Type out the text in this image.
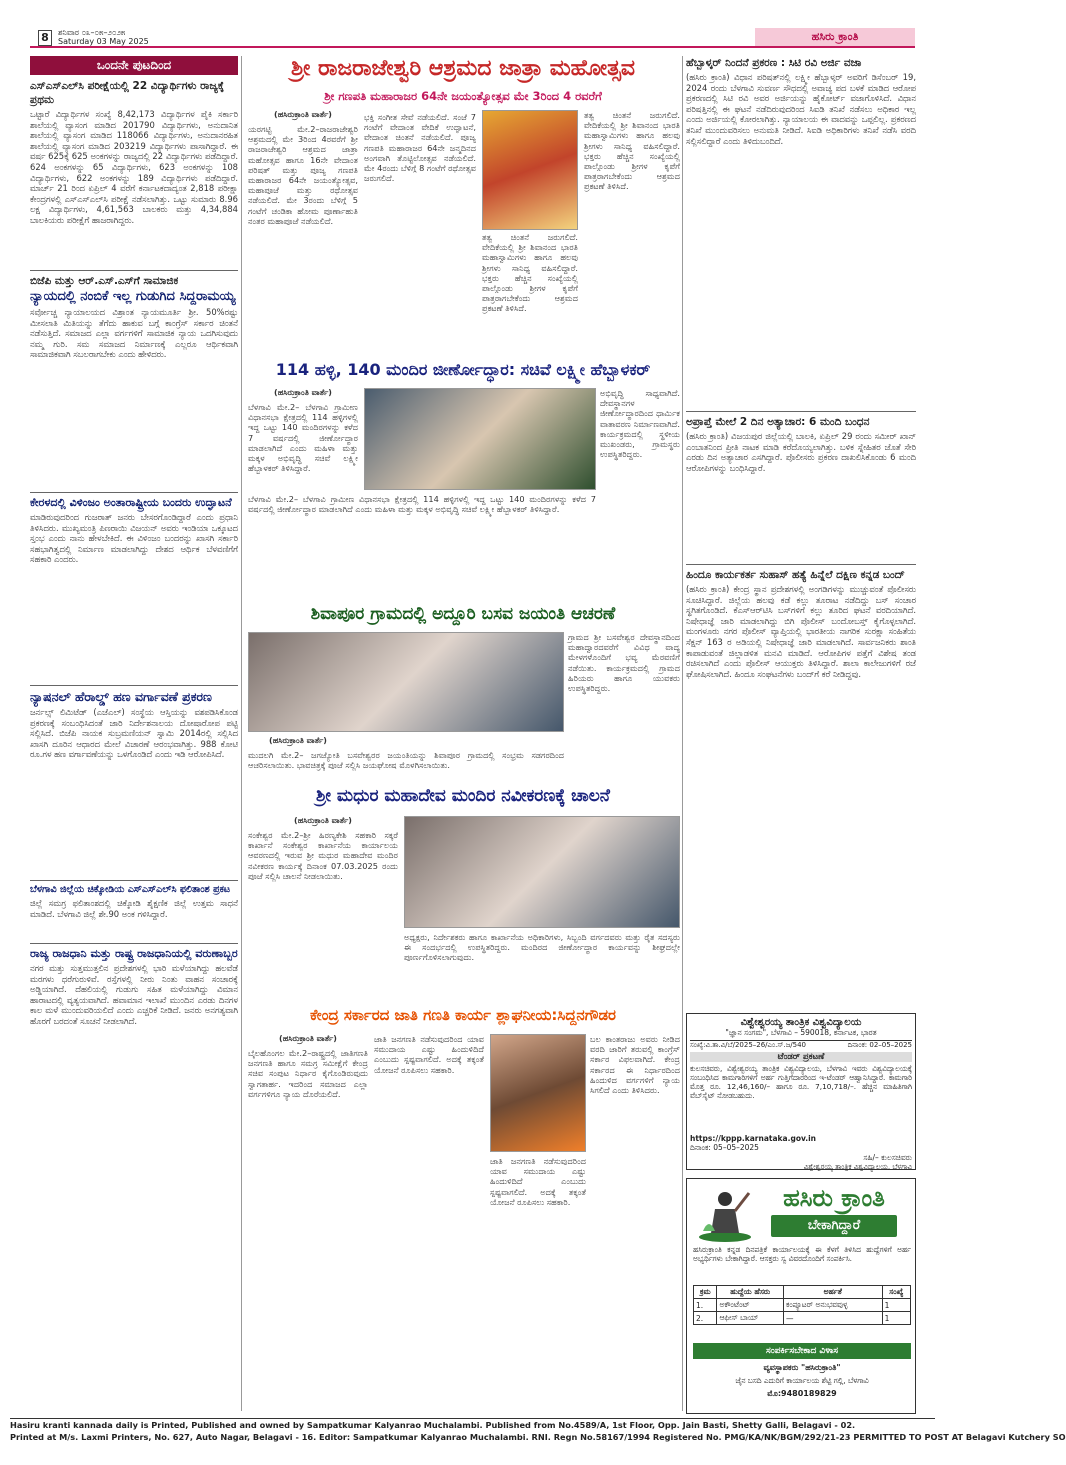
8	ಶನಿವಾರ ೦೩–೦೫–೨೦೨೫
Saturday 03 May 2025	ಹಸಿರು ಕ್ರಾಂತಿ
ಒಂದನೇ ಪುಟದಿಂದ
ಎಸ್‌ಎಸ್‌ಎಲ್‌ಸಿ ಪರೀಕ್ಷೆಯಲ್ಲಿ 22 ವಿದ್ಯಾರ್ಥಿಗಳು ರಾಜ್ಯಕ್ಕೆ ಪ್ರಥಮ
ಒಟ್ಟಾರೆ ವಿದ್ಯಾರ್ಥಿಗಳ ಸಂಖ್ಯೆ 8,42,173 ವಿದ್ಯಾರ್ಥಿಗಳ ಪೈಕಿ ಸರ್ಕಾರಿ ಶಾಲೆಯಲ್ಲಿ ವ್ಯಾಸಂಗ ಮಾಡಿದ 201790 ವಿದ್ಯಾರ್ಥಿಗಳು, ಅನುದಾನಿತ ಶಾಲೆಯಲ್ಲಿ ವ್ಯಾಸಂಗ ಮಾಡಿದ 118066 ವಿದ್ಯಾರ್ಥಿಗಳು, ಅನುದಾನರಹಿತ ಶಾಲೆಯಲ್ಲಿ ವ್ಯಾಸಂಗ ಮಾಡಿದ 203219 ವಿದ್ಯಾರ್ಥಿಗಳು ಪಾಸಾಗಿದ್ದಾರೆ. ಈ ವರ್ಷ 625ಕ್ಕೆ 625 ಅಂಕಗಳನ್ನು ರಾಜ್ಯದಲ್ಲಿ 22 ವಿದ್ಯಾರ್ಥಿಗಳು ಪಡೆದಿದ್ದಾರೆ. 624 ಅಂಕಗಳನ್ನು 65 ವಿದ್ಯಾರ್ಥಿಗಳು, 623 ಅಂಕಗಳನ್ನು 108 ವಿದ್ಯಾರ್ಥಿಗಳು, 622 ಅಂಕಗಳನ್ನು 189 ವಿದ್ಯಾರ್ಥಿಗಳು ಪಡೆದಿದ್ದಾರೆ. ಮಾರ್ಚ್ 21 ರಿಂದ ಏಪ್ರಿಲ್ 4 ವರೆಗೆ ಕರ್ನಾಟಕದಾದ್ಯಂತ 2,818 ಪರೀಕ್ಷಾ ಕೇಂದ್ರಗಳಲ್ಲಿ ಎಸ್‌ಎಸ್‌ಎಲ್‌ಸಿ ಪರೀಕ್ಷೆ ನಡೆಸಲಾಗಿತ್ತು. ಒಟ್ಟು ಸುಮಾರು 8.96 ಲಕ್ಷ ವಿದ್ಯಾರ್ಥಿಗಳು, 4,61,563 ಬಾಲಕರು ಮತ್ತು 4,34,884 ಬಾಲಕಿಯರು ಪರೀಕ್ಷೆಗೆ ಹಾಜರಾಗಿದ್ದರು.
ಬಿಜೆಪಿ ಮತ್ತು ಆರ್.ಎಸ್.ಎಸ್‌ಗೆ ಸಾಮಾಜಿಕ
ನ್ಯಾಯದಲ್ಲಿ ನಂಬಿಕೆ ಇಲ್ಲ ಗುಡುಗಿದ ಸಿದ್ದರಾಮಯ್ಯ
ಸರ್ವೋಚ್ಚ ನ್ಯಾಯಾಲಯದ ವಿಶ್ರಾಂತ ನ್ಯಾಯಮೂರ್ತಿ ಶ್ರೀ. 50%ರಷ್ಟು ಮೀಸಲಾತಿ ಮಿತಿಯನ್ನು ತೆಗೆದು ಹಾಕುವ ಬಗ್ಗೆ ಕಾಂಗ್ರೆಸ್ ಸರ್ಕಾರ ಚಿಂತನೆ ನಡೆಸುತ್ತಿದೆ. ಸಮಾಜದ ಎಲ್ಲಾ ವರ್ಗಗಳಿಗೆ ಸಾಮಾಜಿಕ ನ್ಯಾಯ ಒದಗಿಸುವುದು ನಮ್ಮ ಗುರಿ. ಸಮ ಸಮಾಜದ ನಿರ್ಮಾಣಕ್ಕೆ ಎಲ್ಲರೂ ಆರ್ಥಿಕವಾಗಿ ಸಾಮಾಜಿಕವಾಗಿ ಸಬಲರಾಗಬೇಕು ಎಂದು ಹೇಳಿದರು.
ಕೇರಳದಲ್ಲಿ ವಿಳಿಂಜಂ ಅಂತಾರಾಷ್ಟ್ರೀಯ ಬಂದರು ಉದ್ಘಾಟನೆ
ಮಾಡಿರುವುದರಿಂದ ಗುಜರಾತ್ ಜನರು ಬೇಸರಗೊಂಡಿದ್ದಾರೆ ಎಂದು ಪ್ರಧಾನಿ ತಿಳಿಸಿದರು. ಮುಖ್ಯಮಂತ್ರಿ ಪಿಣರಾಯಿ ವಿಜಯನ್ ಅವರು ಇಂಡಿಯಾ ಒಕ್ಕೂಟದ ಸ್ತಂಭ ಎಂದು ನಾನು ಹೇಳಬೇಕಿದೆ. ಈ ವಿಳಿಂಜಂ ಬಂದರನ್ನು ಖಾಸಗಿ ಸರ್ಕಾರಿ ಸಹಭಾಗಿತ್ವದಲ್ಲಿ ನಿರ್ಮಾಣ ಮಾಡಲಾಗಿದ್ದು ದೇಶದ ಆರ್ಥಿಕ ಬೆಳವಣಿಗೆಗೆ ಸಹಕಾರಿ ಎಂದರು.
ನ್ಯಾಷನಲ್ ಹೆರಾಲ್ಡ್ ಹಣ ವರ್ಗಾವಣೆ ಪ್ರಕರಣ
ಜರ್ನಲ್ಸ್ ಲಿಮಿಟೆಡ್ (ಎಜೆಎಲ್) ಸಂಸ್ಥೆಯ ಆಸ್ತಿಯನ್ನು ವಶಪಡಿಸಿಕೊಂಡ ಪ್ರಕರಣಕ್ಕೆ ಸಂಬಂಧಿಸಿದಂತೆ ಜಾರಿ ನಿರ್ದೇಶನಾಲಯ ದೋಷಾರೋಪ ಪಟ್ಟಿ ಸಲ್ಲಿಸಿದೆ. ಬಿಜೆಪಿ ನಾಯಕ ಸುಬ್ರಮಣಿಯನ್ ಸ್ವಾಮಿ 2014ರಲ್ಲಿ ಸಲ್ಲಿಸಿದ ಖಾಸಗಿ ದೂರಿನ ಆಧಾರದ ಮೇಲೆ ವಿಚಾರಣೆ ಆರಂಭವಾಗಿತ್ತು. 988 ಕೋಟಿ ರೂ.ಗಳ ಹಣ ವರ್ಗಾವಣೆಯನ್ನು ಒಳಗೊಂಡಿದೆ ಎಂದು ಇಡಿ ಆರೋಪಿಸಿದೆ.
ಬೆಳಗಾವಿ ಜಿಲ್ಲೆಯ ಚಿಕ್ಕೋಡಿಯ ಎಸ್‌ಎಸ್‌ಎಲ್‌ಸಿ ಫಲಿತಾಂಶ ಪ್ರಕಟ
ಜಿಲ್ಲೆ ಸಮಗ್ರ ಫಲಿತಾಂಶದಲ್ಲಿ ಚಿಕ್ಕೋಡಿ ಶೈಕ್ಷಣಿಕ ಜಿಲ್ಲೆ ಉತ್ತಮ ಸಾಧನೆ ಮಾಡಿದೆ. ಬೆಳಗಾವಿ ಜಿಲ್ಲೆ ಶೇ.90 ಅಂಕ ಗಳಿಸಿದ್ದಾರೆ.
ರಾಜ್ಯ ರಾಜಧಾನಿ ಮತ್ತು ರಾಷ್ಟ್ರ ರಾಜಧಾನಿಯಲ್ಲಿ ವರುಣಾಬ್ಬರ
ನಗರ ಮತ್ತು ಸುತ್ತಮುತ್ತಲಿನ ಪ್ರದೇಶಗಳಲ್ಲಿ ಭಾರಿ ಮಳೆಯಾಗಿದ್ದು ಹಲವೆಡೆ ಮರಗಳು ಧರೆಗುರುಳಿವೆ. ರಸ್ತೆಗಳಲ್ಲಿ ನೀರು ನಿಂತು ವಾಹನ ಸಂಚಾರಕ್ಕೆ ಅಡ್ಡಿಯಾಗಿದೆ. ದೆಹಲಿಯಲ್ಲಿ ಗುಡುಗು ಸಹಿತ ಮಳೆಯಾಗಿದ್ದು ವಿಮಾನ ಹಾರಾಟದಲ್ಲಿ ವ್ಯತ್ಯಯವಾಗಿದೆ. ಹವಾಮಾನ ಇಲಾಖೆ ಮುಂದಿನ ಎರಡು ದಿನಗಳ ಕಾಲ ಮಳೆ ಮುಂದುವರಿಯಲಿದೆ ಎಂದು ಎಚ್ಚರಿಕೆ ನೀಡಿದೆ. ಜನರು ಅನಗತ್ಯವಾಗಿ ಹೊರಗೆ ಬರದಂತೆ ಸೂಚನೆ ನೀಡಲಾಗಿದೆ.
ಶ್ರೀ ರಾಜರಾಜೇಶ್ವರಿ ಆಶ್ರಮದ ಜಾತ್ರಾ ಮಹೋತ್ಸವ
ಶ್ರೀ ಗಣಪತಿ ಮಹಾರಾಜರ 64ನೇ ಜಯಂತ್ಯೋತ್ಸವ ಮೇ 3ರಿಂದ 4 ರವರೆಗೆ
(ಹಸಿರುಕ್ರಾಂತಿ ವಾರ್ತೆ)
ಯರಗಟ್ಟಿ ಮೇ.2–ರಾಜರಾಜೇಶ್ವರಿ ಆಶ್ರಮದಲ್ಲಿ ಮೇ 3ರಿಂದ 4ರವರೆಗೆ ಶ್ರೀ ರಾಜರಾಜೇಶ್ವರಿ ಆಶ್ರಮದ ಜಾತ್ರಾ ಮಹೋತ್ಸವ ಹಾಗೂ 16ನೇ ವೇದಾಂತ ಪರಿಷತ್ ಮತ್ತು ಪೂಜ್ಯ ಗಣಪತಿ ಮಹಾರಾಜರ 64ನೇ ಜಯಂತ್ಯೋತ್ಸವ, ಮಹಾಪೂಜೆ ಮತ್ತು ರಥೋತ್ಸವ ನಡೆಯಲಿದೆ. ಮೇ 3ರಂದು ಬೆಳಿಗ್ಗೆ 5 ಗಂಟೆಗೆ ಚಂಡಿಕಾ ಹೋಮ ಪೂರ್ಣಾಹುತಿ ನಂತರ ಮಹಾಪೂಜೆ ನಡೆಯಲಿದೆ.
ಭಕ್ತಿ ಸಂಗೀತ ಸೇವೆ ನಡೆಯಲಿದೆ. ಸಂಜೆ 7 ಗಂಟೆಗೆ ವೇದಾಂತ ವೇದಿಕೆ ಉದ್ಘಾಟನೆ, ವೇದಾಂತ ಚಿಂತನೆ ನಡೆಯಲಿದೆ. ಪೂಜ್ಯ ಗಣಪತಿ ಮಹಾರಾಜರ 64ನೇ ಜನ್ಮದಿನದ ಅಂಗವಾಗಿ ತೊಟ್ಟಿಲೋತ್ಸವ ನಡೆಯಲಿದೆ. ಮೇ 4ರಂದು ಬೆಳಿಗ್ಗೆ 8 ಗಂಟೆಗೆ ರಥೋತ್ಸವ ಜರುಗಲಿದೆ.
ತತ್ವ ಚಿಂತನೆ ಜರುಗಲಿದೆ. ವೇದಿಕೆಯಲ್ಲಿ ಶ್ರೀ ಶಿವಾನಂದ ಭಾರತಿ ಮಹಾಸ್ವಾಮಿಗಳು ಹಾಗೂ ಹಲವು ಶ್ರೀಗಳು ಸಾನಿಧ್ಯ ವಹಿಸಲಿದ್ದಾರೆ. ಭಕ್ತರು ಹೆಚ್ಚಿನ ಸಂಖ್ಯೆಯಲ್ಲಿ ಪಾಲ್ಗೊಂಡು ಶ್ರೀಗಳ ಕೃಪೆಗೆ ಪಾತ್ರರಾಗಬೇಕೆಂದು ಆಶ್ರಮದ ಪ್ರಕಟಣೆ ತಿಳಿಸಿದೆ.
ತತ್ವ ಚಿಂತನೆ ಜರುಗಲಿದೆ. ವೇದಿಕೆಯಲ್ಲಿ ಶ್ರೀ ಶಿವಾನಂದ ಭಾರತಿ ಮಹಾಸ್ವಾಮಿಗಳು ಹಾಗೂ ಹಲವು ಶ್ರೀಗಳು ಸಾನಿಧ್ಯ ವಹಿಸಲಿದ್ದಾರೆ. ಭಕ್ತರು ಹೆಚ್ಚಿನ ಸಂಖ್ಯೆಯಲ್ಲಿ ಪಾಲ್ಗೊಂಡು ಶ್ರೀಗಳ ಕೃಪೆಗೆ ಪಾತ್ರರಾಗಬೇಕೆಂದು ಆಶ್ರಮದ ಪ್ರಕಟಣೆ ತಿಳಿಸಿದೆ.
114 ಹಳ್ಳಿ, 140 ಮಂದಿರ ಜೀರ್ಣೋದ್ಧಾರ: ಸಚಿವೆ ಲಕ್ಷ್ಮೀ ಹೆಬ್ಬಾಳಕರ್
(ಹಸಿರುಕ್ರಾಂತಿ ವಾರ್ತೆ)
ಬೆಳಗಾವಿ ಮೇ.2– ಬೆಳಗಾವಿ ಗ್ರಾಮೀಣ ವಿಧಾನಸಭಾ ಕ್ಷೇತ್ರದಲ್ಲಿ 114 ಹಳ್ಳಿಗಳಲ್ಲಿ ಇದ್ದ ಒಟ್ಟು 140 ಮಂದಿರಗಳನ್ನು ಕಳೆದ 7 ವರ್ಷದಲ್ಲಿ ಜೀರ್ಣೋದ್ಧಾರ ಮಾಡಲಾಗಿದೆ ಎಂದು ಮಹಿಳಾ ಮತ್ತು ಮಕ್ಕಳ ಅಭಿವೃದ್ಧಿ ಸಚಿವೆ ಲಕ್ಷ್ಮೀ ಹೆಬ್ಬಾಳಕರ್ ತಿಳಿಸಿದ್ದಾರೆ.
ಅಭಿವೃದ್ಧಿ ಸಾಧ್ಯವಾಗಿದೆ. ದೇವಸ್ಥಾನಗಳ ಜೀರ್ಣೋದ್ಧಾರದಿಂದ ಧಾರ್ಮಿಕ ವಾತಾವರಣ ನಿರ್ಮಾಣವಾಗಿದೆ. ಕಾರ್ಯಕ್ರಮದಲ್ಲಿ ಸ್ಥಳೀಯ ಮುಖಂಡರು, ಗ್ರಾಮಸ್ಥರು ಉಪಸ್ಥಿತರಿದ್ದರು.
ಬೆಳಗಾವಿ ಮೇ.2– ಬೆಳಗಾವಿ ಗ್ರಾಮೀಣ ವಿಧಾನಸಭಾ ಕ್ಷೇತ್ರದಲ್ಲಿ 114 ಹಳ್ಳಿಗಳಲ್ಲಿ ಇದ್ದ ಒಟ್ಟು 140 ಮಂದಿರಗಳನ್ನು ಕಳೆದ 7 ವರ್ಷದಲ್ಲಿ ಜೀರ್ಣೋದ್ಧಾರ ಮಾಡಲಾಗಿದೆ ಎಂದು ಮಹಿಳಾ ಮತ್ತು ಮಕ್ಕಳ ಅಭಿವೃದ್ಧಿ ಸಚಿವೆ ಲಕ್ಷ್ಮೀ ಹೆಬ್ಬಾಳಕರ್ ತಿಳಿಸಿದ್ದಾರೆ.
ಶಿವಾಪೂರ ಗ್ರಾಮದಲ್ಲಿ ಅದ್ದೂರಿ ಬಸವ ಜಯಂತಿ ಆಚರಣೆ
ಗ್ರಾಮದ ಶ್ರೀ ಬಸವೇಶ್ವರ ದೇವಸ್ಥಾನದಿಂದ ಮಹಾದ್ವಾರದವರೆಗೆ ವಿವಿಧ ವಾದ್ಯ ಮೇಳಗಳೊಂದಿಗೆ ಭವ್ಯ ಮೆರವಣಿಗೆ ನಡೆಯಿತು. ಕಾರ್ಯಕ್ರಮದಲ್ಲಿ ಗ್ರಾಮದ ಹಿರಿಯರು ಹಾಗೂ ಯುವಕರು ಉಪಸ್ಥಿತರಿದ್ದರು.
(ಹಸಿರುಕ್ರಾಂತಿ ವಾರ್ತೆ)
ಮುದಲಗಿ ಮೇ.2– ಜಗಜ್ಯೋತಿ ಬಸವೇಶ್ವರರ ಜಯಂತಿಯನ್ನು ಶಿವಾಪೂರ ಗ್ರಾಮದಲ್ಲಿ ಸಂಭ್ರಮ ಸಡಗರದಿಂದ ಆಚರಿಸಲಾಯಿತು. ಭಾವಚಿತ್ರಕ್ಕೆ ಪೂಜೆ ಸಲ್ಲಿಸಿ ಜಯಘೋಷ ಮೊಳಗಿಸಲಾಯಿತು.
ಶ್ರೀ ಮಧುರ ಮಹಾದೇವ ಮಂದಿರ ನವೀಕರಣಕ್ಕೆ ಚಾಲನೆ
(ಹಸಿರುಕ್ರಾಂತಿ ವಾರ್ತೆ)
ಸಂಕೇಶ್ವರ ಮೇ.2–ಶ್ರೀ ಹಿರಣ್ಯಕೇಶಿ ಸಹಕಾರಿ ಸಕ್ಕರೆ ಕಾರ್ಖಾನೆ ಸಂಕೇಶ್ವರ ಕಾರ್ಖಾನೆಯ ಕಾರ್ಯಾಲಯ ಆವರಣದಲ್ಲಿ ಇರುವ ಶ್ರೀ ಮಧುರ ಮಹಾದೇವ ಮಂದಿರ ನವೀಕರಣ ಕಾರ್ಯಕ್ಕೆ ದಿನಾಂಕ 07.03.2025 ರಂದು ಪೂಜೆ ಸಲ್ಲಿಸಿ ಚಾಲನೆ ನೀಡಲಾಯಿತು.
ಅಧ್ಯಕ್ಷರು, ನಿರ್ದೇಶಕರು ಹಾಗೂ ಕಾರ್ಖಾನೆಯ ಅಧಿಕಾರಿಗಳು, ಸಿಬ್ಬಂದಿ ವರ್ಗದವರು ಮತ್ತು ರೈತ ಸದಸ್ಯರು ಈ ಸಂದರ್ಭದಲ್ಲಿ ಉಪಸ್ಥಿತರಿದ್ದರು. ಮಂದಿರದ ಜೀರ್ಣೋದ್ಧಾರ ಕಾರ್ಯವನ್ನು ಶೀಘ್ರದಲ್ಲೇ ಪೂರ್ಣಗೊಳಿಸಲಾಗುವುದು.
ಕೇಂದ್ರ ಸರ್ಕಾರದ ಜಾತಿ ಗಣತಿ ಕಾರ್ಯ ಶ್ಲಾಘನೀಯ:ಸಿದ್ದನಗೌಡರ
(ಹಸಿರುಕ್ರಾಂತಿ ವಾರ್ತೆ)
ಬೈಲಹೊಂಗಲ ಮೇ.2–ರಾಷ್ಟ್ರದಲ್ಲಿ ಜಾತಿಗಣತಿ ಜನಗಣತಿ ಹಾಗೂ ಸಮಗ್ರ ಸಮೀಕ್ಷೆಗೆ ಕೇಂದ್ರ ಸಚಿವ ಸಂಪುಟ ನಿರ್ಧಾರ ಕೈಗೊಂಡಿರುವುದು ಸ್ವಾಗತಾರ್ಹ. ಇದರಿಂದ ಸಮಾಜದ ಎಲ್ಲಾ ವರ್ಗಗಳಿಗೂ ನ್ಯಾಯ ದೊರೆಯಲಿದೆ.
ಜಾತಿ ಜನಗಣತಿ ನಡೆಸುವುದರಿಂದ ಯಾವ ಸಮುದಾಯ ಎಷ್ಟು ಹಿಂದುಳಿದಿದೆ ಎಂಬುದು ಸ್ಪಷ್ಟವಾಗಲಿದೆ. ಅದಕ್ಕೆ ತಕ್ಕಂತೆ ಯೋಜನೆ ರೂಪಿಸಲು ಸಹಕಾರಿ.
ಜಾತಿ ಜನಗಣತಿ ನಡೆಸುವುದರಿಂದ ಯಾವ ಸಮುದಾಯ ಎಷ್ಟು ಹಿಂದುಳಿದಿದೆ ಎಂಬುದು ಸ್ಪಷ್ಟವಾಗಲಿದೆ. ಅದಕ್ಕೆ ತಕ್ಕಂತೆ ಯೋಜನೆ ರೂಪಿಸಲು ಸಹಕಾರಿ.
ಬಲ ಕಾಂತರಾಜು ಅವರು ನೀಡಿದ ವರದಿ ಜಾರಿಗೆ ತರುವಲ್ಲಿ ಕಾಂಗ್ರೆಸ್ ಸರ್ಕಾರ ವಿಫಲವಾಗಿದೆ. ಕೇಂದ್ರ ಸರ್ಕಾರದ ಈ ನಿರ್ಧಾರದಿಂದ ಹಿಂದುಳಿದ ವರ್ಗಗಳಿಗೆ ನ್ಯಾಯ ಸಿಗಲಿದೆ ಎಂದು ತಿಳಿಸಿದರು.
ಹೆಬ್ಬಾಳ್ಕರ್ ನಿಂದನೆ ಪ್ರಕರಣ : ಸಿಟಿ ರವಿ ಅರ್ಜಿ ವಜಾ
(ಹಸಿರು ಕ್ರಾಂತಿ) ವಿಧಾನ ಪರಿಷತ್‌ನಲ್ಲಿ ಲಕ್ಷ್ಮೀ ಹೆಬ್ಬಾಳ್ಕರ್ ಅವರಿಗೆ ಡಿಸೆಂಬರ್ 19, 2024 ರಂದು ಬೆಳಗಾವಿ ಸುವರ್ಣ ಸೌಧದಲ್ಲಿ ಅವಾಚ್ಯ ಪದ ಬಳಕೆ ಮಾಡಿದ ಆರೋಪ ಪ್ರಕರಣದಲ್ಲಿ ಸಿಟಿ ರವಿ ಅವರ ಅರ್ಜಿಯನ್ನು ಹೈಕೋರ್ಟ್ ವಜಾಗೊಳಿಸಿದೆ. ವಿಧಾನ ಪರಿಷತ್ತಿನಲ್ಲಿ ಈ ಘಟನೆ ನಡೆದಿರುವುದರಿಂದ ಸಿಐಡಿ ತನಿಖೆ ನಡೆಸಲು ಅಧಿಕಾರ ಇಲ್ಲ ಎಂದು ಅರ್ಜಿಯಲ್ಲಿ ಕೋರಲಾಗಿತ್ತು. ನ್ಯಾಯಾಲಯ ಈ ವಾದವನ್ನು ಒಪ್ಪಲಿಲ್ಲ. ಪ್ರಕರಣದ ತನಿಖೆ ಮುಂದುವರಿಸಲು ಅನುಮತಿ ನೀಡಿದೆ. ಸಿಐಡಿ ಅಧಿಕಾರಿಗಳು ತನಿಖೆ ನಡೆಸಿ ವರದಿ ಸಲ್ಲಿಸಲಿದ್ದಾರೆ ಎಂದು ತಿಳಿದುಬಂದಿದೆ.
ಅಪ್ರಾಪ್ತೆ ಮೇಲೆ 2 ದಿನ ಅತ್ಯಾಚಾರ: 6 ಮಂದಿ ಬಂಧನ
(ಹಸಿರು ಕ್ರಾಂತಿ) ವಿಜಯಪುರ ಜಿಲ್ಲೆಯಲ್ಲಿ ಬಾಲಕಿ, ಏಪ್ರಿಲ್ 29 ರಂದು ಸಮೀರ್ ಖಾನ್ ಎಂಬಾತನಿಂದ ಪ್ರೀತಿ ನಾಟಕ ಮಾಡಿ ಕರೆದೊಯ್ಯಲಾಗಿತ್ತು. ಬಳಿಕ ಸ್ನೇಹಿತರ ಜೊತೆ ಸೇರಿ ಎರಡು ದಿನ ಅತ್ಯಾಚಾರ ಎಸಗಿದ್ದಾರೆ. ಪೊಲೀಸರು ಪ್ರಕರಣ ದಾಖಲಿಸಿಕೊಂಡು 6 ಮಂದಿ ಆರೋಪಿಗಳನ್ನು ಬಂಧಿಸಿದ್ದಾರೆ.
ಹಿಂದೂ ಕಾರ್ಯಕರ್ತ ಸುಹಾಸ್ ಹತ್ಯೆ ಹಿನ್ನೆಲೆ ದಕ್ಷಿಣ ಕನ್ನಡ ಬಂದ್
(ಹಸಿರು ಕ್ರಾಂತಿ) ಕೇಂದ್ರ ಸ್ಥಾನ ಪ್ರದೇಶಗಳಲ್ಲಿ ಅಂಗಡಿಗಳನ್ನು ಮುಚ್ಚುವಂತೆ ಪೊಲೀಸರು ಸೂಚಿಸಿದ್ದಾರೆ. ಜಿಲ್ಲೆಯ ಹಲವು ಕಡೆ ಕಲ್ಲು ತೂರಾಟ ನಡೆದಿದ್ದು ಬಸ್ ಸಂಚಾರ ಸ್ಥಗಿತಗೊಂಡಿದೆ. ಕೆಎಸ್ಆರ್‌ಟಿಸಿ ಬಸ್‌ಗಳಿಗೆ ಕಲ್ಲು ತೂರಿದ ಘಟನೆ ವರದಿಯಾಗಿದೆ. ನಿಷೇಧಾಜ್ಞೆ ಜಾರಿ ಮಾಡಲಾಗಿದ್ದು ಬಿಗಿ ಪೊಲೀಸ್ ಬಂದೋಬಸ್ತ್ ಕೈಗೊಳ್ಳಲಾಗಿದೆ. ಮಂಗಳೂರು ನಗರ ಪೊಲೀಸ್ ವ್ಯಾಪ್ತಿಯಲ್ಲಿ ಭಾರತೀಯ ನಾಗರಿಕ ಸುರಕ್ಷಾ ಸಂಹಿತೆಯ ಸೆಕ್ಷನ್ 163 ರ ಅಡಿಯಲ್ಲಿ ನಿಷೇಧಾಜ್ಞೆ ಜಾರಿ ಮಾಡಲಾಗಿದೆ. ಸಾರ್ವಜನಿಕರು ಶಾಂತಿ ಕಾಪಾಡುವಂತೆ ಜಿಲ್ಲಾಡಳಿತ ಮನವಿ ಮಾಡಿದೆ. ಆರೋಪಿಗಳ ಪತ್ತೆಗೆ ವಿಶೇಷ ತಂಡ ರಚಿಸಲಾಗಿದೆ ಎಂದು ಪೊಲೀಸ್ ಆಯುಕ್ತರು ತಿಳಿಸಿದ್ದಾರೆ. ಶಾಲಾ ಕಾಲೇಜುಗಳಿಗೆ ರಜೆ ಘೋಷಿಸಲಾಗಿದೆ. ಹಿಂದೂ ಸಂಘಟನೆಗಳು ಬಂದ್‌ಗೆ ಕರೆ ನೀಡಿದ್ದವು.
ವಿಶ್ವೇಶ್ವರಯ್ಯ ತಾಂತ್ರಿಕ ವಿಶ್ವವಿದ್ಯಾಲಯ
"ಜ್ಞಾನ ಸಂಗಮ", ಬೆಳಗಾವಿ – 590018, ಕರ್ನಾಟಕ, ಭಾರತ
ಸಂಖ್ಯೆ:ವಿ.ತಾ.ವಿ/ಬೆ/2025–26/ಎಂ.ಸ್.ಜ/540	ದಿನಾಂಕ: 02–05–2025
ಟೆಂಡರ್ ಪ್ರಕಟಣೆ
ಕುಲಸಚಿವರು, ವಿಶ್ವೇಶ್ವರಯ್ಯ ತಾಂತ್ರಿಕ ವಿಶ್ವವಿದ್ಯಾಲಯ, ಬೆಳಗಾವಿ ಇವರು ವಿಶ್ವವಿದ್ಯಾಲಯಕ್ಕೆ ಸಂಬಂಧಿಸಿದ ಕಾಮಗಾರಿಗಳಿಗೆ ಅರ್ಹ ಗುತ್ತಿಗೆದಾರರಿಂದ ಇ-ಟೆಂಡರ್ ಆಹ್ವಾನಿಸಿದ್ದಾರೆ. ಕಾಮಗಾರಿ ಮೊತ್ತ ರೂ. 12,46,160/– ಹಾಗೂ ರೂ. 7,10,718/–. ಹೆಚ್ಚಿನ ಮಾಹಿತಿಗಾಗಿ ವೆಬ್‌ಸೈಟ್ ನೋಡಬಹುದು.
https://kppp.karnataka.gov.in
ದಿನಾಂಕ: 05–05–2025
ಸಹಿ/– ಕುಲಸಚಿವರು
ವಿಶ್ವೇಶ್ವರಯ್ಯ ತಾಂತ್ರಿಕ ವಿಶ್ವವಿದ್ಯಾಲಯ, ಬೆಳಗಾವಿ
ಹಸಿರು ಕ್ರಾಂತಿ
ಬೇಕಾಗಿದ್ದಾರೆ
ಹಸಿರುಕ್ರಾಂತಿ ಕನ್ನಡ ದಿನಪತ್ರಿಕೆ ಕಾರ್ಯಾಲಯಕ್ಕೆ ಈ ಕೆಳಗೆ ತಿಳಿಸಿದ ಹುದ್ದೆಗಳಿಗೆ ಅರ್ಹ ಅಭ್ಯರ್ಥಿಗಳು ಬೇಕಾಗಿದ್ದಾರೆ. ಆಸಕ್ತರು ಸ್ವ ವಿವರದೊಂದಿಗೆ ಸಂಪರ್ಕಿಸಿ.
ಕ್ರಮ	ಹುದ್ದೆಯ ಹೆಸರು	ಅರ್ಹತೆ	ಸಂಖ್ಯೆ
1.	ಅಕೌಂಟೆಂಟ್	ಕಂಪ್ಯೂಟರ್ ಅನುಭವವುಳ್ಳ	1
2.	ಆಫೀಸ್ ಬಾಯ್	—	1
ಸಂಪರ್ಕಿಸಬೇಕಾದ ವಿಳಾಸ
ವ್ಯವಸ್ಥಾಪಕರು "ಹಸಿರುಕ್ರಾಂತಿ"
ಜೈನ ಬಸದಿ ಎದುರಿಗೆ ಕಾರ್ಯಾಲಯ ಶೆಟ್ಟಿ ಗಲ್ಲಿ, ಬೆಳಗಾವಿ
ಮೊ:9480189829
Hasiru kranti kannada daily is Printed, Published and owned by Sampatkumar Kalyanrao Muchalambi. Published from No.4589/A, 1st Floor, Opp. Jain Basti, Shetty Galli, Belagavi - 02.
Printed at M/s. Laxmi Printers, No. 627, Auto Nagar, Belagavi - 16. Editor: Sampatkumar Kalyanrao Muchalambi. RNI. Regn No.58167/1994 Registered No. PMG/KA/NK/BGM/292/21-23 PERMITTED TO POST AT Belagavi Kutchery SO
